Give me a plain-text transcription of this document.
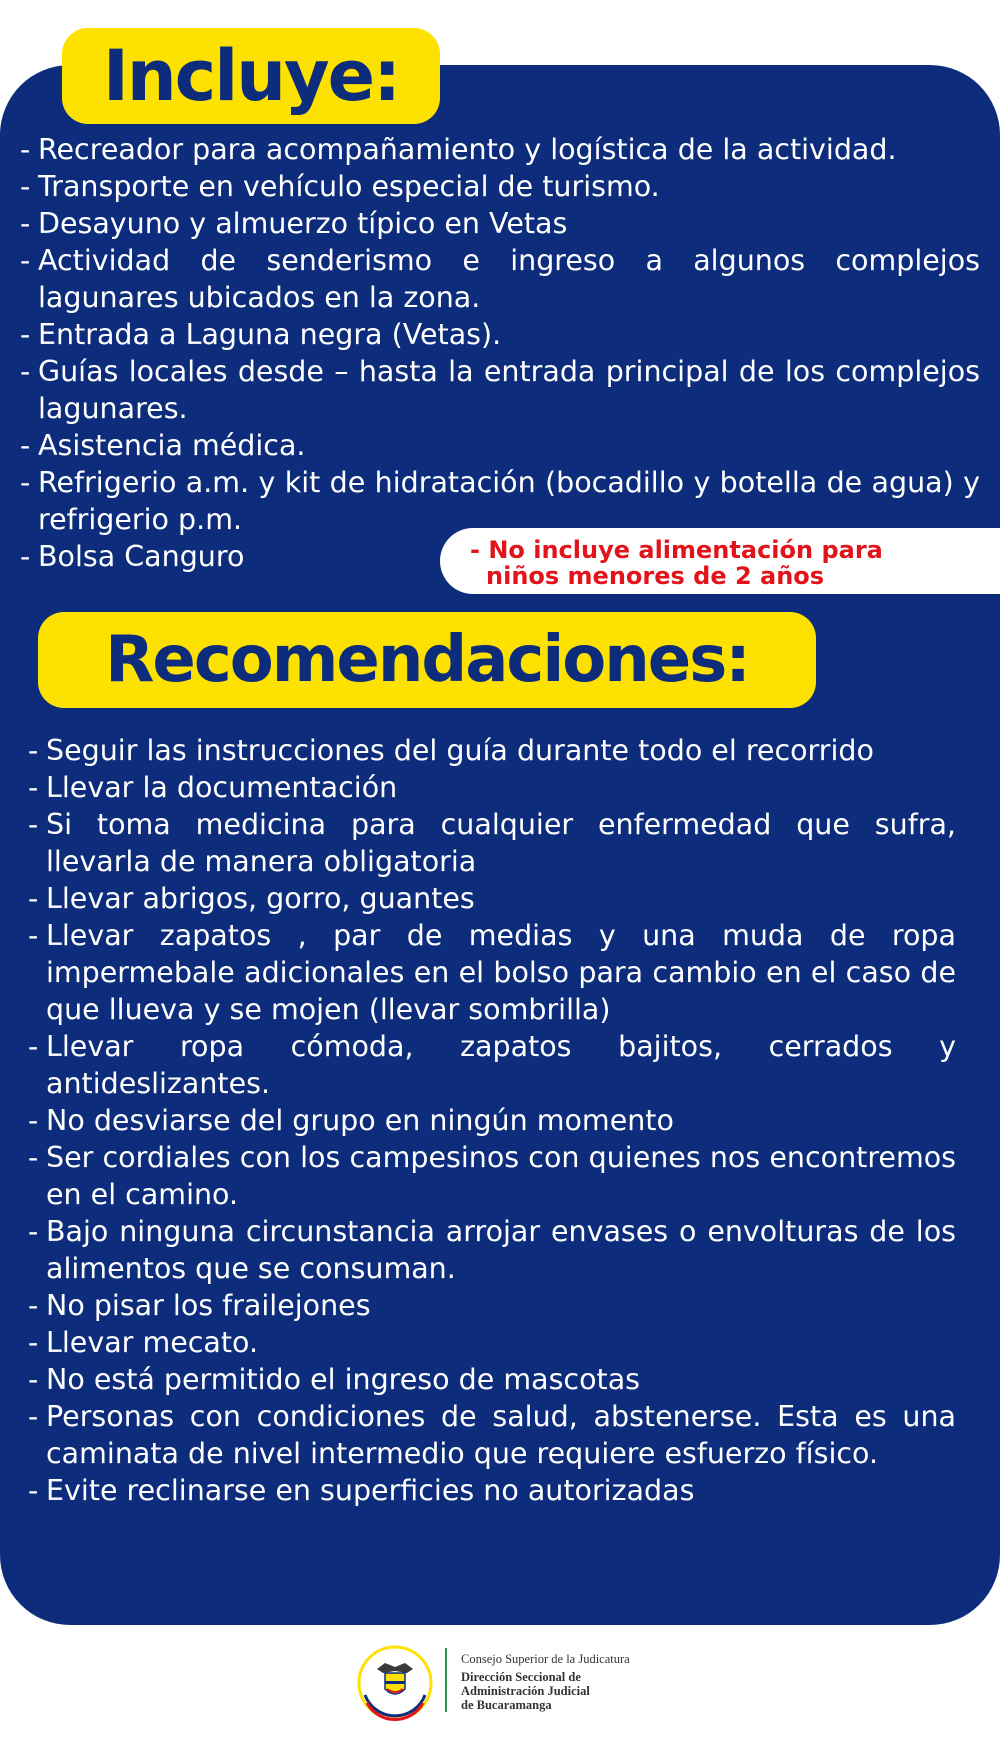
Incluye:
- Recreador para acompañamiento y logística de la actividad.
- Transporte en vehículo especial de turismo.
- Desayuno y almuerzo típico en Vetas
- Actividad de senderismo e ingreso a algunos complejos lagunares ubicados en la zona.
- Entrada a Laguna negra (Vetas).
- Guías locales desde – hasta la entrada principal de los complejos lagunares.
- Asistencia médica.
- Refrigerio a.m. y kit de hidratación (bocadillo y botella de agua) y refrigerio p.m.
- Bolsa Canguro	- No incluye alimentación para
niños menores de 2 años
Recomendaciones:
- Seguir las instrucciones del guía durante todo el recorrido
- Llevar la documentación
- Si toma medicina para cualquier enfermedad que sufra, llevarla de manera obligatoria
- Llevar abrigos, gorro, guantes
- Llevar zapatos , par de medias y una muda de ropa impermebale adicionales en el bolso para cambio en el caso de que llueva y se mojen (llevar sombrilla)
- Llevar ropa cómoda, zapatos bajitos, cerrados y antideslizantes.
- No desviarse del grupo en ningún momento
- Ser cordiales con los campesinos con quienes nos encontremos en el camino.
- Bajo ninguna circunstancia arrojar envases o envolturas de los alimentos que se consuman.
- No pisar los frailejones
- Llevar mecato.
- No está permitido el ingreso de mascotas
- Personas con condiciones de salud, abstenerse. Esta es una caminata de nivel intermedio que requiere esfuerzo físico.
- Evite reclinarse en superficies no autorizadas
Consejo Superior de la Judicatura
Dirección Seccional de
Administración Judicial
de Bucaramanga
